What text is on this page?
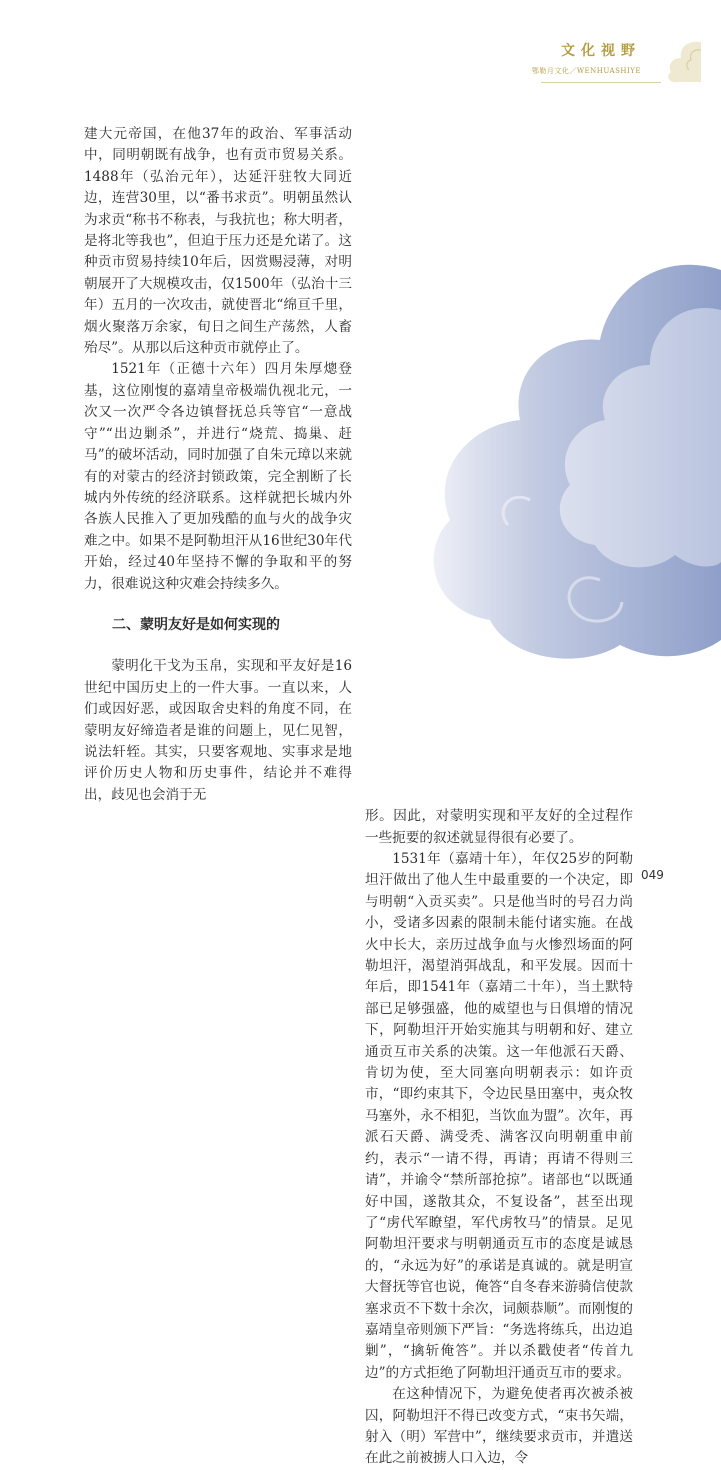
文化视野
鄂勒月文化／WENHUASHIYE

建大元帝国，在他37年的政治、军事活动中，同明朝既有战争，也有贡市贸易关系。1488年（弘治元年），达延汗驻牧大同近边，连营30里，以“番书求贡”。明朝虽然认为求贡“称书不称表，与我抗也；称大明者，是将北等我也”，但迫于压力还是允诺了。这种贡市贸易持续10年后，因赏赐浸薄，对明朝展开了大规模攻击，仅1500年（弘治十三年）五月的一次攻击，就使晋北“绵亘千里，烟火聚落万余家，旬日之间生产荡然，人畜殆尽”。从那以后这种贡市就停止了。

1521年（正德十六年）四月朱厚熜登基，这位刚愎的嘉靖皇帝极端仇视北元，一次又一次严令各边镇督抚总兵等官“一意战守”“出边剿杀”，并进行“烧荒、捣巢、赶马”的破坏活动，同时加强了自朱元璋以来就有的对蒙古的经济封锁政策，完全割断了长城内外传统的经济联系。这样就把长城内外各族人民推入了更加残酷的血与火的战争灾难之中。如果不是阿勒坦汗从16世纪30年代开始，经过40年坚持不懈的争取和平的努力，很难说这种灾难会持续多久。

二、蒙明友好是如何实现的

蒙明化干戈为玉帛，实现和平友好是16世纪中国历史上的一件大事。一直以来，人们或因好恶，或因取舍史料的角度不同，在蒙明友好缔造者是谁的问题上，见仁见智，说法轩轾。其实，只要客观地、实事求是地评价历史人物和历史事件，结论并不难得出，歧见也会消于无

形。因此，对蒙明实现和平友好的全过程作一些扼要的叙述就显得很有必要了。

1531年（嘉靖十年），年仅25岁的阿勒坦汗做出了他人生中最重要的一个决定，即与明朝“入贡买卖”。只是他当时的号召力尚小，受诸多因素的限制未能付诸实施。在战火中长大，亲历过战争血与火惨烈场面的阿勒坦汗，渴望消弭战乱，和平发展。因而十年后，即1541年（嘉靖二十年），当土默特部已足够强盛，他的威望也与日俱增的情况下，阿勒坦汗开始实施其与明朝和好、建立通贡互市关系的决策。这一年他派石天爵、肯切为使，至大同塞向明朝表示：如许贡市，“即约束其下，令边民垦田塞中，夷众牧马塞外，永不相犯，当饮血为盟”。次年，再派石天爵、满受秃、满客汉向明朝重申前约，表示“一请不得，再请；再请不得则三请”，并谕令“禁所部抢掠”。诸部也“以既通好中国，遂散其众，不复设备”，甚至出现了“虏代军瞭望，军代虏牧马”的情景。足见阿勒坦汗要求与明朝通贡互市的态度是诚恳的，“永远为好”的承诺是真诚的。就是明宣大督抚等官也说，俺答“自冬春来游骑信使款塞求贡不下数十余次，词颇恭顺”。而刚愎的嘉靖皇帝则颁下严旨：“务选将练兵，出边追剿”，“擒斩俺答”。并以杀戳使者“传首九边”的方式拒绝了阿勒坦汗通贡互市的要求。

在这种情况下，为避免使者再次被杀被囚，阿勒坦汗不得已改变方式，“束书矢端，射入（明）军营中”，继续要求贡市，并遣送在此之前被掳人口入边，令

049
